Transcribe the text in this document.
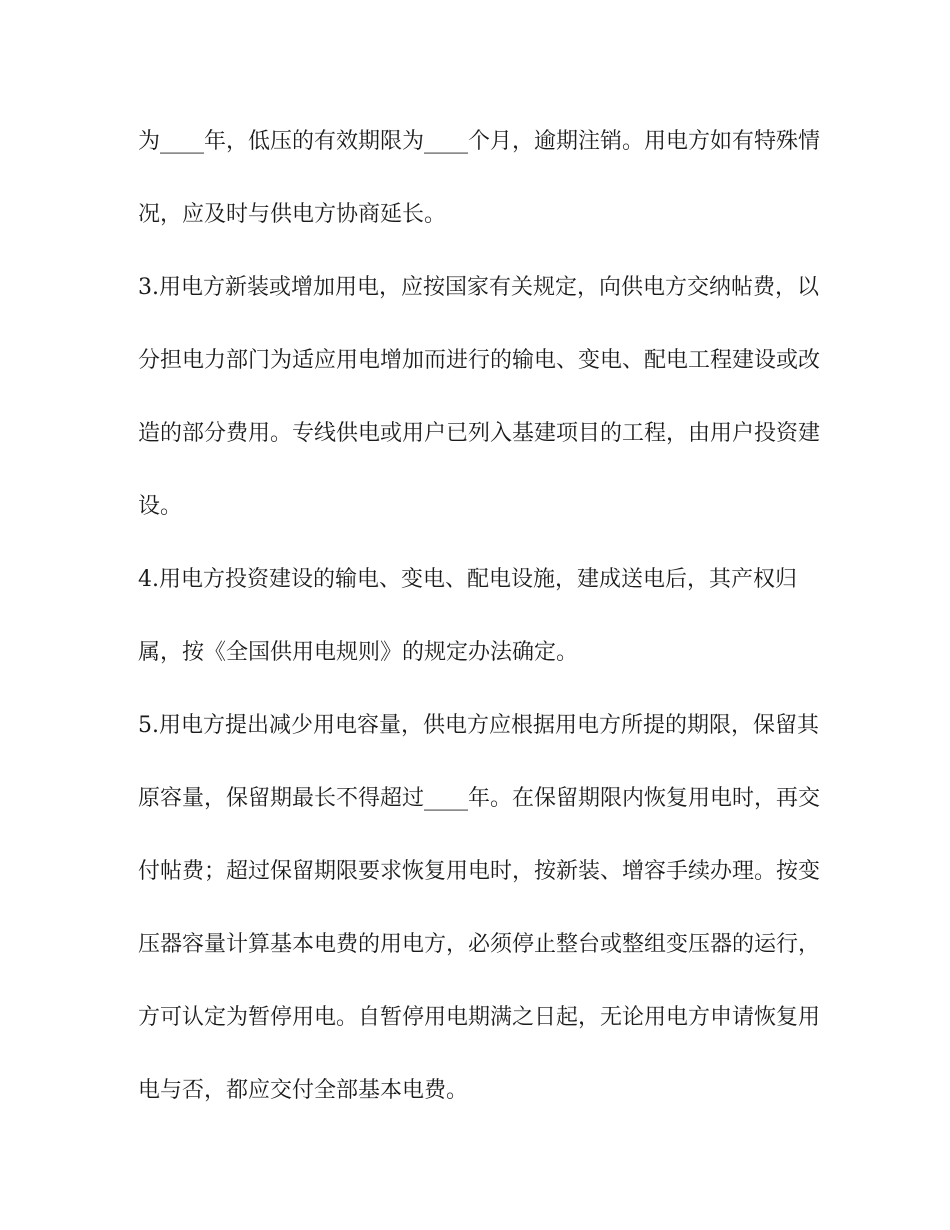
为____年，低压的有效期限为____个月，逾期注销。用电方如有特殊情
况，应及时与供电方协商延长。
3.用电方新装或增加用电，应按国家有关规定，向供电方交纳帖费，以
分担电力部门为适应用电增加而进行的输电、变电、配电工程建设或改
造的部分费用。专线供电或用户已列入基建项目的工程，由用户投资建
设。
4.用电方投资建设的输电、变电、配电设施，建成送电后，其产权归
属，按《全国供用电规则》的规定办法确定。
5.用电方提出减少用电容量，供电方应根据用电方所提的期限，保留其
原容量，保留期最长不得超过____年。在保留期限内恢复用电时，再交
付帖费；超过保留期限要求恢复用电时，按新装、增容手续办理。按变
压器容量计算基本电费的用电方，必须停止整台或整组变压器的运行，
方可认定为暂停用电。自暂停用电期满之日起，无论用电方申请恢复用
电与否，都应交付全部基本电费。
